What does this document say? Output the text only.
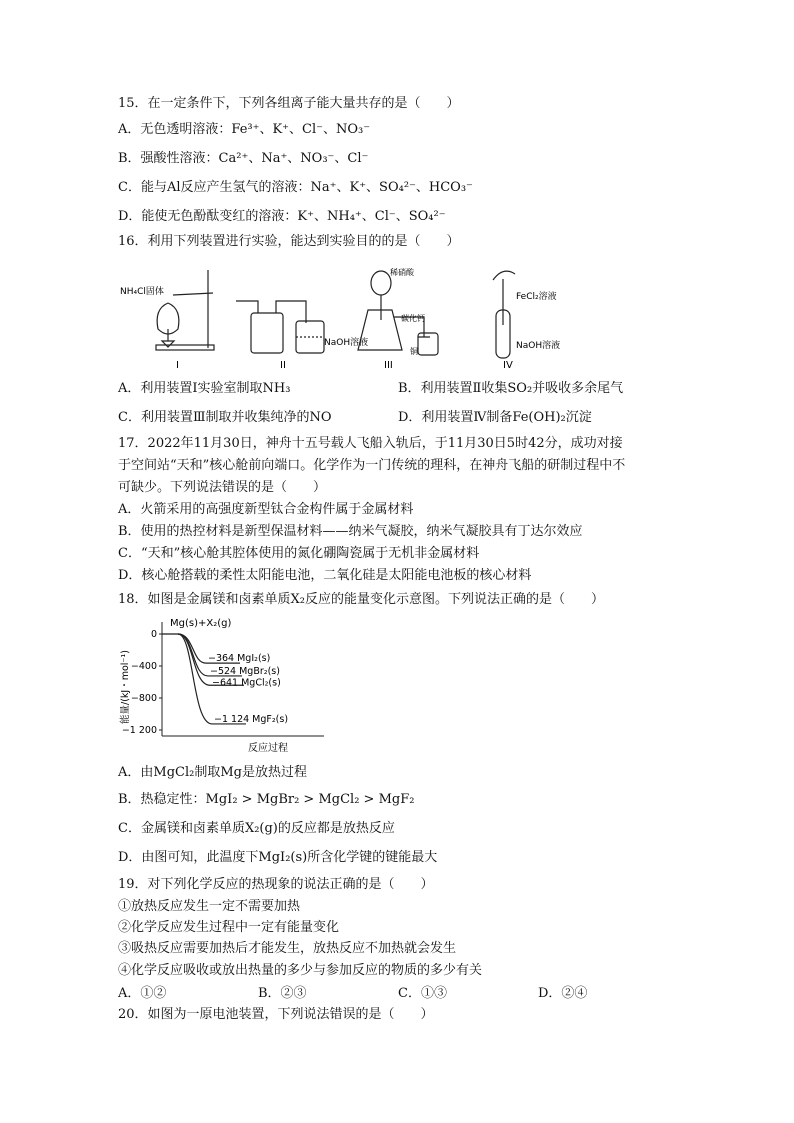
15．在一定条件下，下列各组离子能大量共存的是（　　）
A．无色透明溶液：Fe³⁺、K⁺、Cl⁻、NO₃⁻
B．强酸性溶液：Ca²⁺、Na⁺、NO₃⁻、Cl⁻
C．能与Al反应产生氢气的溶液：Na⁺、K⁺、SO₄²⁻、HCO₃⁻
D．能使无色酚酞变红的溶液：K⁺、NH₄⁺、Cl⁻、SO₄²⁻
16．利用下列装置进行实验，能达到实验目的的是（　　）
NH₄Cl固体
NaOH溶液
稀硝酸
碳化钙
铜
FeCl₂溶液
NaOH溶液
I	II	III	IV
A．利用装置Ⅰ实验室制取NH₃	B．利用装置Ⅱ收集SO₂并吸收多余尾气
C．利用装置Ⅲ制取并收集纯净的NO	D．利用装置Ⅳ制备Fe(OH)₂沉淀
17．2022年11月30日，神舟十五号载人飞船入轨后，于11月30日5时42分，成功对接
于空间站“天和”核心舱前向端口。化学作为一门传统的理科，在神舟飞船的研制过程中不
可缺少。下列说法错误的是（　　）
A．火箭采用的高强度新型钛合金构件属于金属材料
B．使用的热控材料是新型保温材料——纳米气凝胶，纳米气凝胶具有丁达尔效应
C．“天和”核心舱其腔体使用的氮化硼陶瓷属于无机非金属材料
D．核心舱搭载的柔性太阳能电池，二氧化硅是太阳能电池板的核心材料
18．如图是金属镁和卤素单质X₂反应的能量变化示意图。下列说法正确的是（　　）
能量/(kJ・mol⁻¹)
Mg(s)+X₂(g)
反应过程
0
−400
−800
−1 200
−364 MgI₂(s)
−524 MgBr₂(s)
−641 MgCl₂(s)
−1 124 MgF₂(s)
A．由MgCl₂制取Mg是放热过程
B．热稳定性：MgI₂ > MgBr₂ > MgCl₂ > MgF₂
C．金属镁和卤素单质X₂(g)的反应都是放热反应
D．由图可知，此温度下MgI₂(s)所含化学键的键能最大
19．对下列化学反应的热现象的说法正确的是（　　）
①放热反应发生一定不需要加热
②化学反应发生过程中一定有能量变化
③吸热反应需要加热后才能发生，放热反应不加热就会发生
④化学反应吸收或放出热量的多少与参加反应的物质的多少有关
A．①②	B．②③	C．①③	D．②④
20．如图为一原电池装置，下列说法错误的是（　　）
